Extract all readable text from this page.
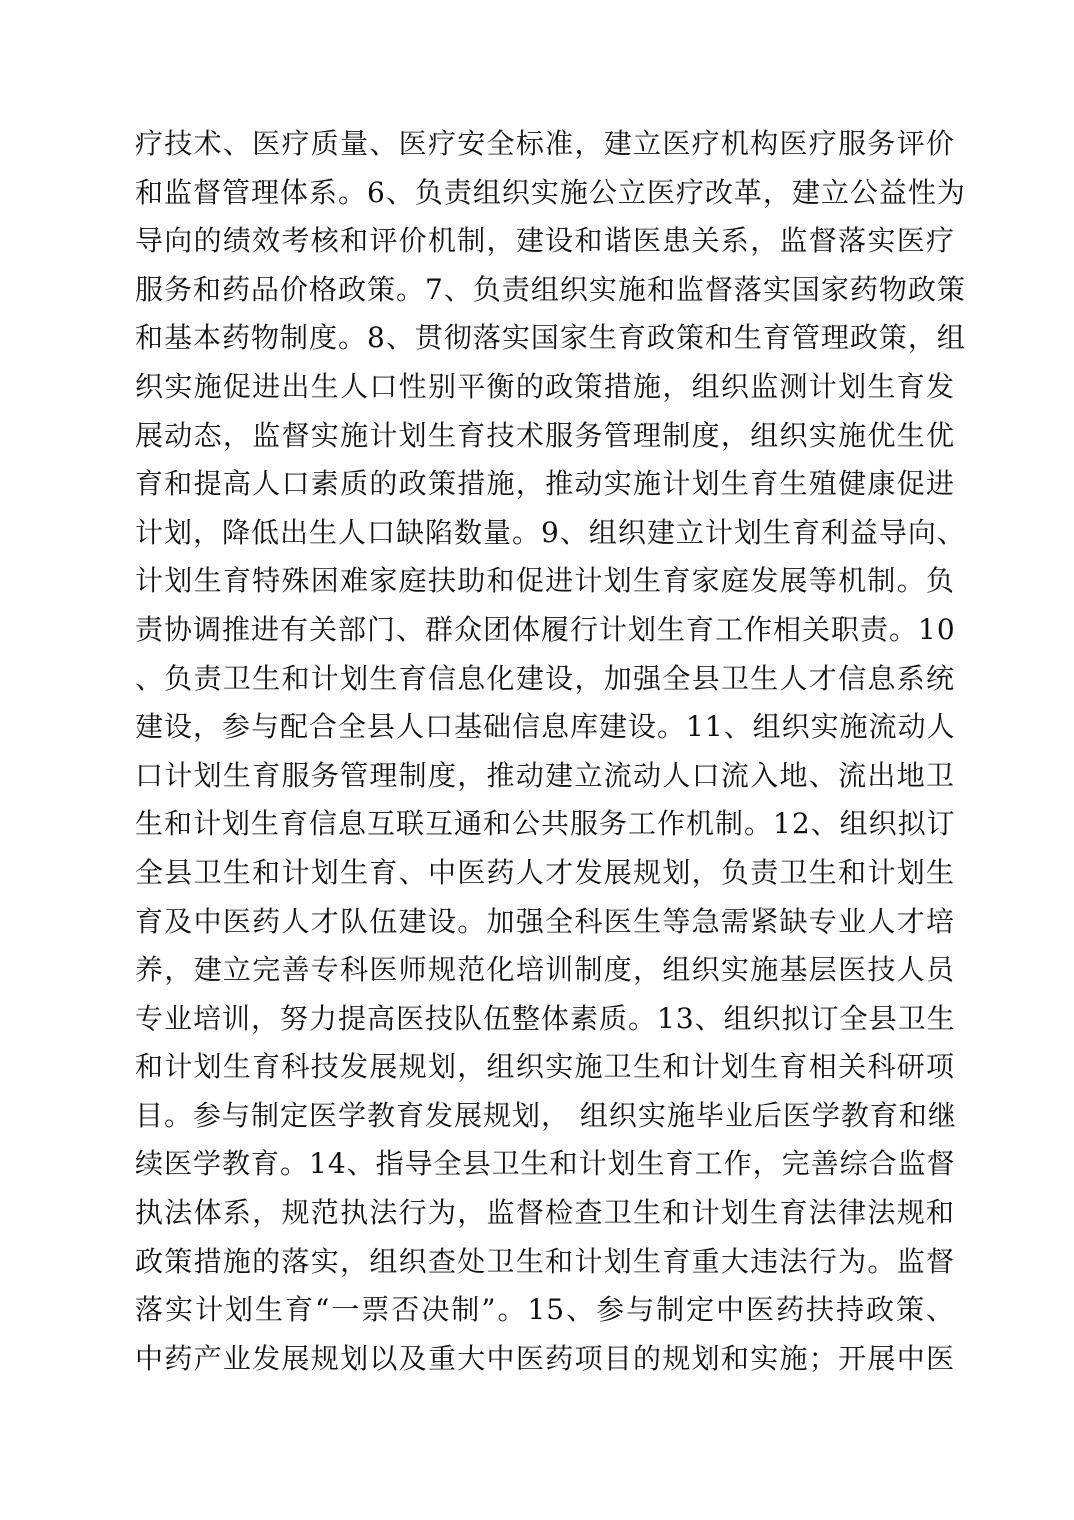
疗技术、医疗质量、医疗安全标准，建立医疗机构医疗服务评价
和监督管理体系。6、负责组织实施公立医疗改革，建立公益性为
导向的绩效考核和评价机制，建设和谐医患关系，监督落实医疗
服务和药品价格政策。7、负责组织实施和监督落实国家药物政策
和基本药物制度。8、贯彻落实国家生育政策和生育管理政策，组
织实施促进出生人口性别平衡的政策措施，组织监测计划生育发
展动态，监督实施计划生育技术服务管理制度，组织实施优生优
育和提高人口素质的政策措施，推动实施计划生育生殖健康促进
计划，降低出生人口缺陷数量。9、组织建立计划生育利益导向、
计划生育特殊困难家庭扶助和促进计划生育家庭发展等机制。负
责协调推进有关部门、群众团体履行计划生育工作相关职责。10
、负责卫生和计划生育信息化建设，加强全县卫生人才信息系统
建设，参与配合全县人口基础信息库建设。11、组织实施流动人
口计划生育服务管理制度，推动建立流动人口流入地、流出地卫
生和计划生育信息互联互通和公共服务工作机制。12、组织拟订
全县卫生和计划生育、中医药人才发展规划，负责卫生和计划生
育及中医药人才队伍建设。加强全科医生等急需紧缺专业人才培
养，建立完善专科医师规范化培训制度，组织实施基层医技人员
专业培训，努力提高医技队伍整体素质。13、组织拟订全县卫生
和计划生育科技发展规划，组织实施卫生和计划生育相关科研项
目。参与制定医学教育发展规划， 组织实施毕业后医学教育和继
续医学教育。14、指导全县卫生和计划生育工作，完善综合监督
执法体系，规范执法行为，监督检查卫生和计划生育法律法规和
政策措施的落实，组织查处卫生和计划生育重大违法行为。监督
落实计划生育“一票否决制”。15、参与制定中医药扶持政策、
中药产业发展规划以及重大中医药项目的规划和实施；开展中医
